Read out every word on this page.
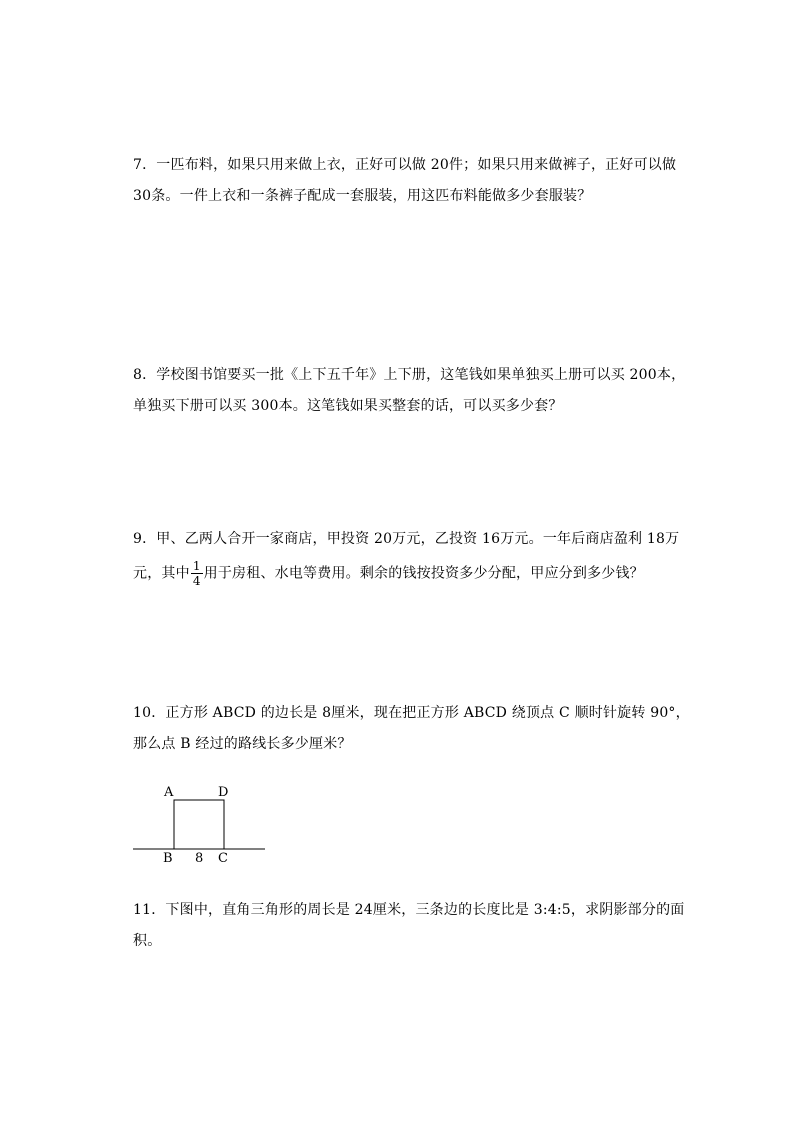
7．一匹布料，如果只用来做上衣，正好可以做 20件；如果只用来做裤子，正好可以做
30条。一件上衣和一条裤子配成一套服装，用这匹布料能做多少套服装？
8．学校图书馆要买一批《上下五千年》上下册，这笔钱如果单独买上册可以买 200本，
单独买下册可以买 300本。这笔钱如果买整套的话，可以买多少套？
9．甲、乙两人合开一家商店，甲投资 20万元，乙投资 16万元。一年后商店盈利 18万
元，其中 $\frac{1}{4}$ 用于房租、水电等费用。剩余的钱按投资多少分配，甲应分到多少钱？
10．正方形 ABCD 的边长是 8厘米，现在把正方形 ABCD 绕顶点 C 顺时针旋转 90°，
那么点 B 经过的路线长多少厘米？
A	D
B 8 C
11．下图中，直角三角形的周长是 24厘米，三条边的长度比是 3:4:5，求阴影部分的面
积。
